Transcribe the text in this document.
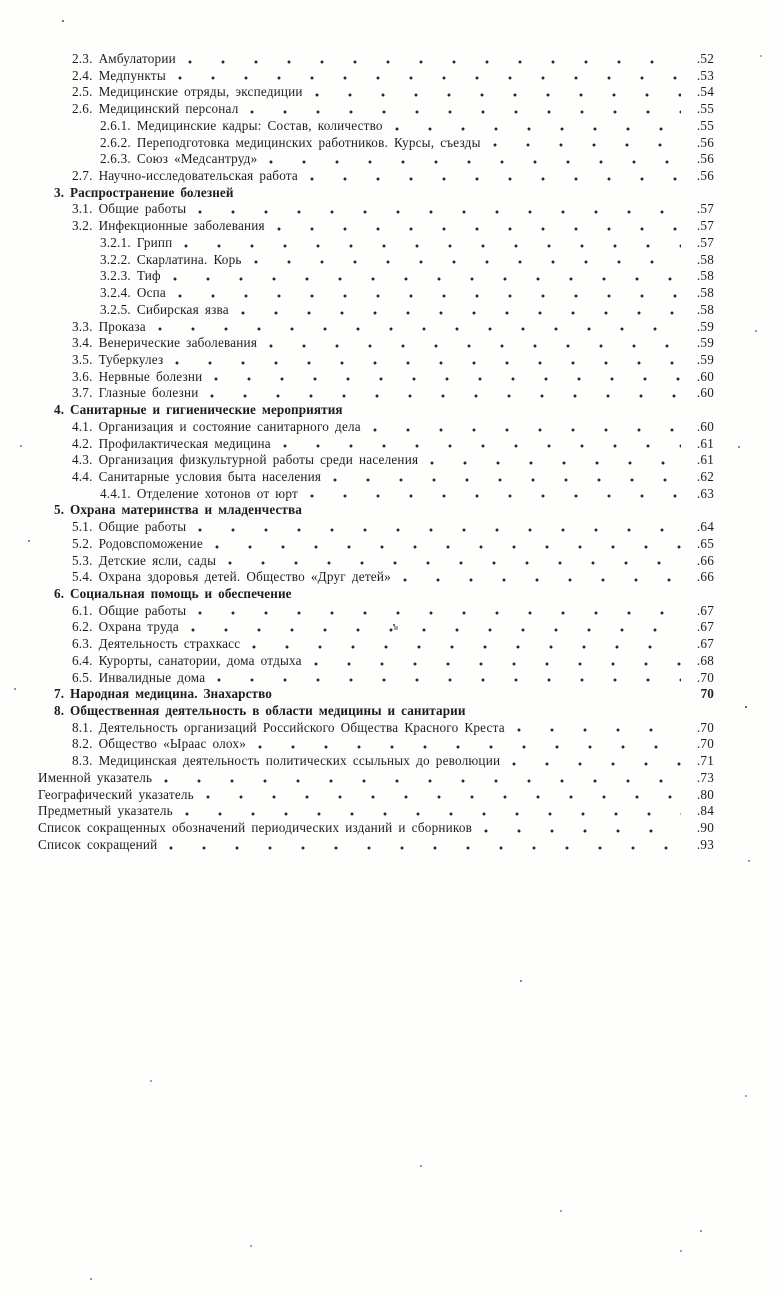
2.3. Амбулатории	.52
2.4. Медпункты	.53
2.5. Медицинские отряды, экспедиции	.54
2.6. Медицинский персонал	.55
2.6.1. Медицинские кадры: Состав, количество	.55
2.6.2. Переподготовка медицинских работников. Курсы, съезды	.56
2.6.3. Союз «Медсантруд»	.56
2.7. Научно-исследовательская работа	.56
3. Распространение болезней
3.1. Общие работы	.57
3.2. Инфекционные заболевания	.57
3.2.1. Грипп	.57
3.2.2. Скарлатина. Корь	.58
3.2.3. Тиф	.58
3.2.4. Оспа	.58
3.2.5. Сибирская язва	.58
3.3. Проказа	.59
3.4. Венерические заболевания	.59
3.5. Туберкулез	.59
3.6. Нервные болезни	.60
3.7. Глазные болезни	.60
4. Санитарные и гигиенические мероприятия
4.1. Организация и состояние санитарного дела	.60
4.2. Профилактическая медицина	.61
4.3. Организация физкультурной работы среди населения	.61
4.4. Санитарные условия быта населения	.62
4.4.1. Отделение хотонов от юрт	.63
5. Охрана материнства и младенчества
5.1. Общие работы	.64
5.2. Родовспоможение	.65
5.3. Детские ясли, сады	.66
5.4. Охрана здоровья детей. Общество «Друг детей»	.66
6. Социальная помощь и обеспечение
6.1. Общие работы	.67
6.2. Охрана труда	.67
6.3. Деятельность страхкасс	.67
6.4. Курорты, санатории, дома отдыха	.68
6.5. Инвалидные дома	.70
7. Народная медицина. Знахарство	70
8. Общественная деятельность в области медицины и санитарии
8.1. Деятельность организаций Российского Общества Красного Креста	.70
8.2. Общество «Ыраас олох»	.70
8.3. Медицинская деятельность политических ссыльных до революции	.71
Именной указатель	.73
Географический указатель	.80
Предметный указатель	.84
Список сокращенных обозначений периодических изданий и сборников	.90
Список сокращений	.93
